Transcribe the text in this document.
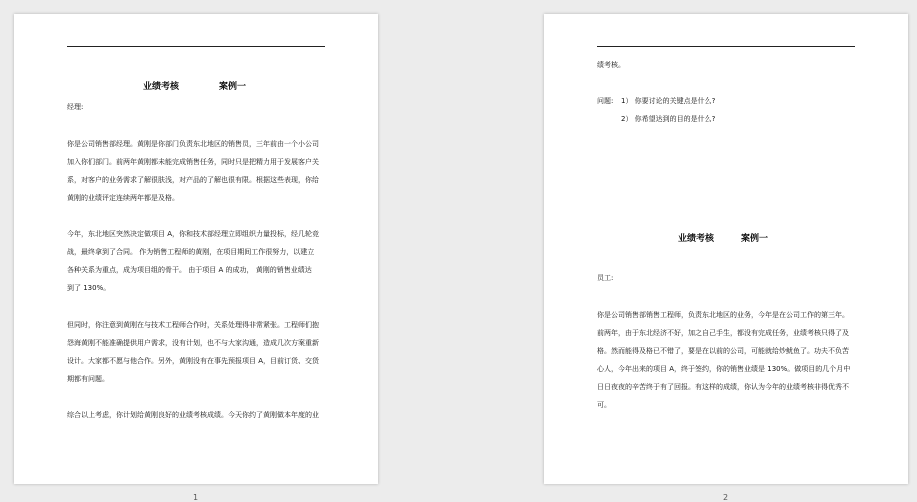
业绩考核	案例一
经理:
你是公司销售部经理。黄刚是你部门负责东北地区的销售员，三年前由一个小公司
加入你们部门。前两年黄刚都未能完成销售任务，同时只是把精力用于发展客户关
系，对客户的业务需求了解很肤浅，对产品的了解也很有限。根据这些表现，你给
黄刚的业绩评定连续两年都是及格。
今年，东北地区突然决定做项目 A，你和技术部经理立即组织力量投标，经几轮竞
战，最终拿到了合同。 作为销售工程师的黄刚，在项目期间工作很努力，以建立
各种关系为重点，成为项目组的骨干。 由于项目 A 的成功， 黄刚的销售业绩达
到了 130%。
但同时，你注意到黄刚在与技术工程师合作时，关系处理得非常紧张。工程师们抱
怨海黄刚不能准确提供用户需求，没有计划，也不与大家沟通，造成几次方案重新
设计。大家都不愿与他合作。另外，黄刚没有在事先预报项目 A，目前订货、交货
期都有问题。
综合以上考虑，你计划给黄刚良好的业绩考核成绩。今天你约了黄刚做本年度的业
1
绩考核。
问题: 1） 你要讨论的关键点是什么?
2） 你希望达到的目的是什么?
业绩考核	案例一
员工:
你是公司销售部销售工程师，负责东北地区的业务，今年是在公司工作的第三年。
前两年，由于东北经济不好，加之自己手生，都没有完成任务，业绩考核只得了及
格。然而能得及格已不错了，要是在以前的公司，可能就给炒鱿鱼了。功夫不负苦
心人，今年出来的项目 A，终于签约，你的销售业绩是 130%。做项目的几个月中
日日夜夜的辛苦终于有了回报。有这样的成绩，你认为今年的业绩考核非得优秀不
可。
2
